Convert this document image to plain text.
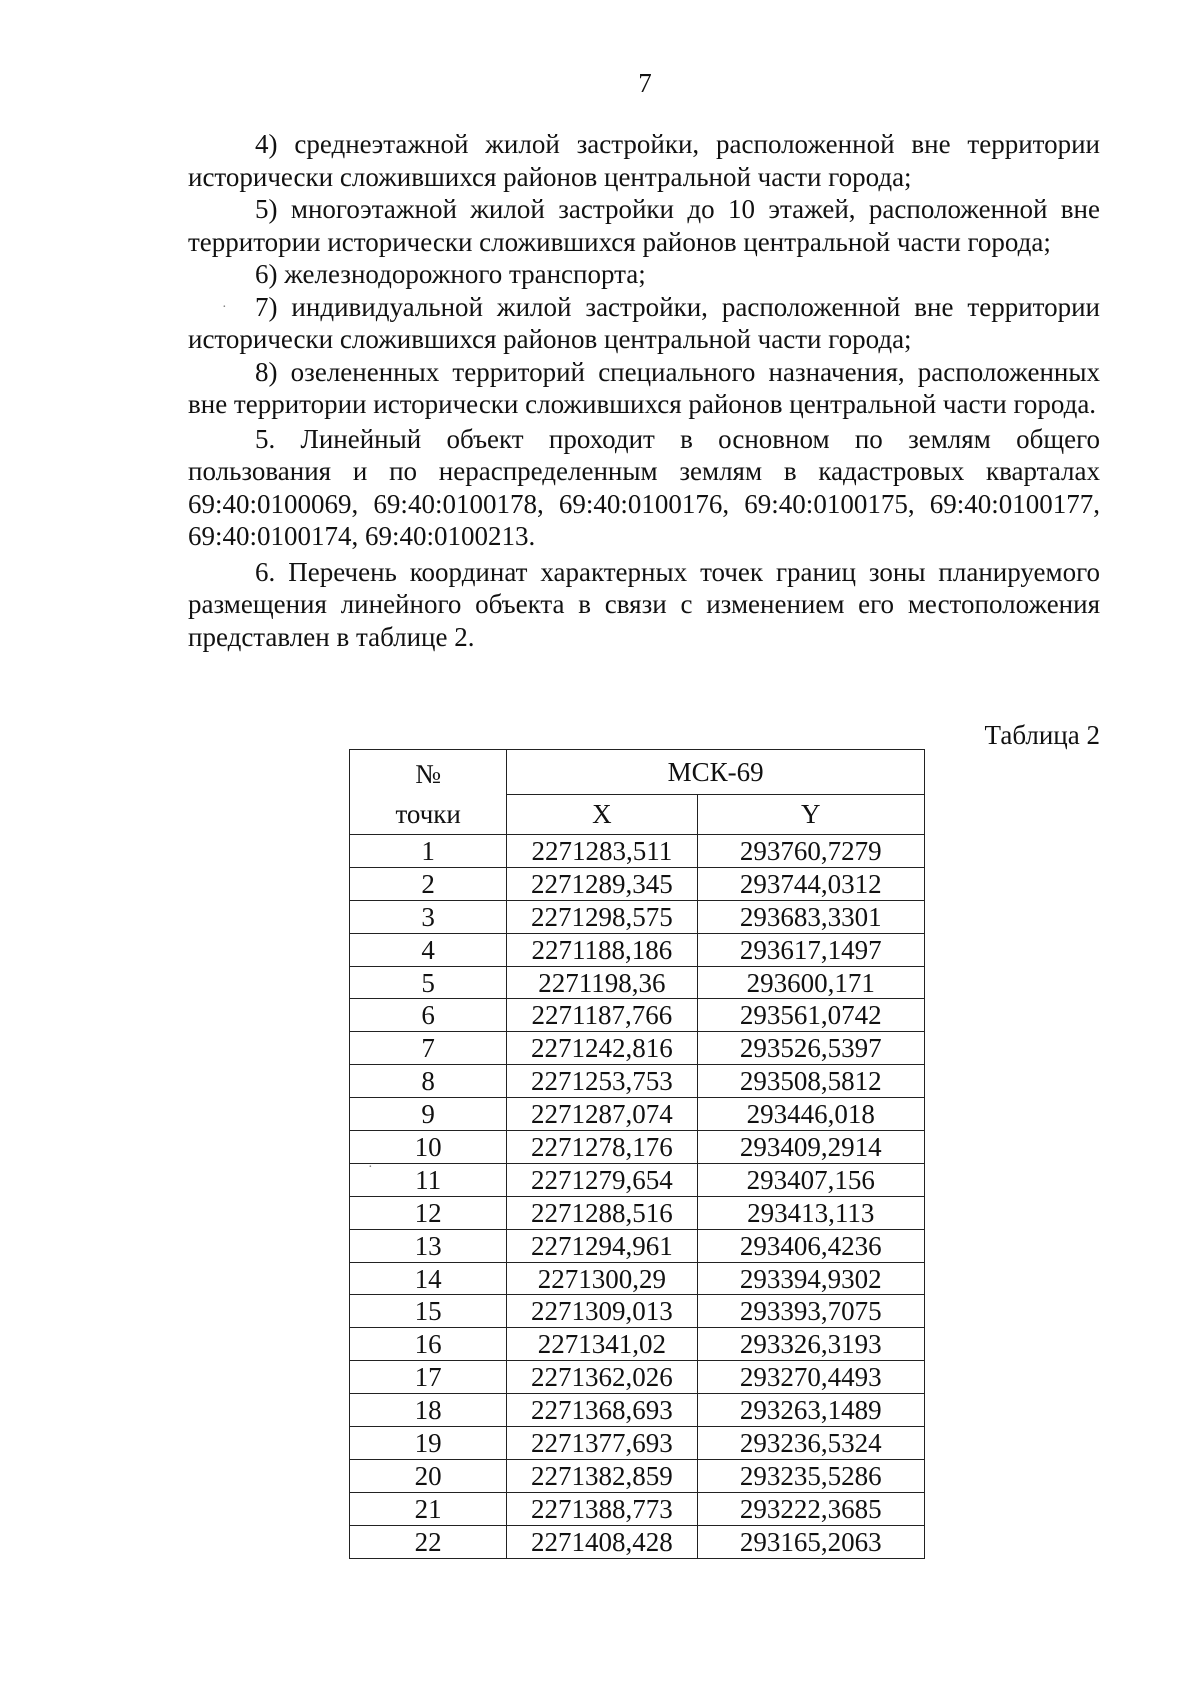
7

4) среднеэтажной жилой застройки, расположенной вне территории исторически сложившихся районов центральной части города;

5) многоэтажной жилой застройки до 10 этажей, расположенной вне территории исторически сложившихся районов центральной части города;

6) железнодорожного транспорта;

7) индивидуальной жилой застройки, расположенной вне территории исторически сложившихся районов центральной части города;

8) озелененных территорий специального назначения, расположенных вне территории исторически сложившихся районов центральной части города.

5. Линейный объект проходит в основном по землям общего пользования и по нераспределенным землям в кадастровых кварталах 69:40:0100069, 69:40:0100178, 69:40:0100176, 69:40:0100175, 69:40:0100177, 69:40:0100174, 69:40:0100213.

6. Перечень координат характерных точек границ зоны планируемого размещения линейного объекта в связи с изменением его местоположения представлен в таблице 2.

Таблица 2
№
точки	МСК-69	
	X	Y
1	2271283,511	293760,7279
2	2271289,345	293744,0312
3	2271298,575	293683,3301
4	2271188,186	293617,1497
5	2271198,36	293600,171
6	2271187,766	293561,0742
7	2271242,816	293526,5397
8	2271253,753	293508,5812
9	2271287,074	293446,018
10	2271278,176	293409,2914
11	2271279,654	293407,156
12	2271288,516	293413,113
13	2271294,961	293406,4236
14	2271300,29	293394,9302
15	2271309,013	293393,7075
16	2271341,02	293326,3193
17	2271362,026	293270,4493
18	2271368,693	293263,1489
19	2271377,693	293236,5324
20	2271382,859	293235,5286
21	2271388,773	293222,3685
22	2271408,428	293165,2063
·
·
